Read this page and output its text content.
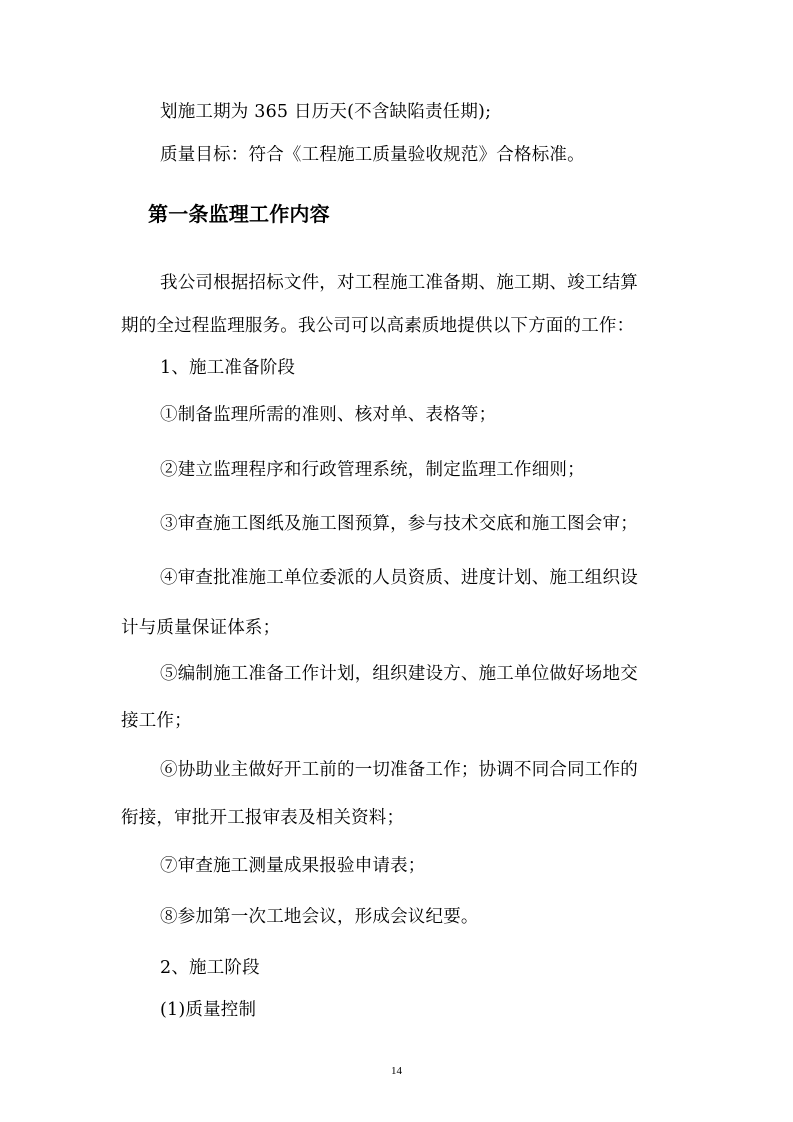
划施工期为 365 日历天(不含缺陷责任期);
质量目标：符合《工程施工质量验收规范》合格标准。
第一条监理工作内容
我公司根据招标文件，对工程施工准备期、施工期、竣工结算
期的全过程监理服务。我公司可以高素质地提供以下方面的工作：
1、施工准备阶段
①制备监理所需的准则、核对单、表格等；
②建立监理程序和行政管理系统，制定监理工作细则；
③审查施工图纸及施工图预算，参与技术交底和施工图会审；
④审查批准施工单位委派的人员资质、进度计划、施工组织设
计与质量保证体系；
⑤编制施工准备工作计划，组织建设方、施工单位做好场地交
接工作；
⑥协助业主做好开工前的一切准备工作；协调不同合同工作的
衔接，审批开工报审表及相关资料；
⑦审查施工测量成果报验申请表；
⑧参加第一次工地会议，形成会议纪要。
2、施工阶段
(1)质量控制
14
